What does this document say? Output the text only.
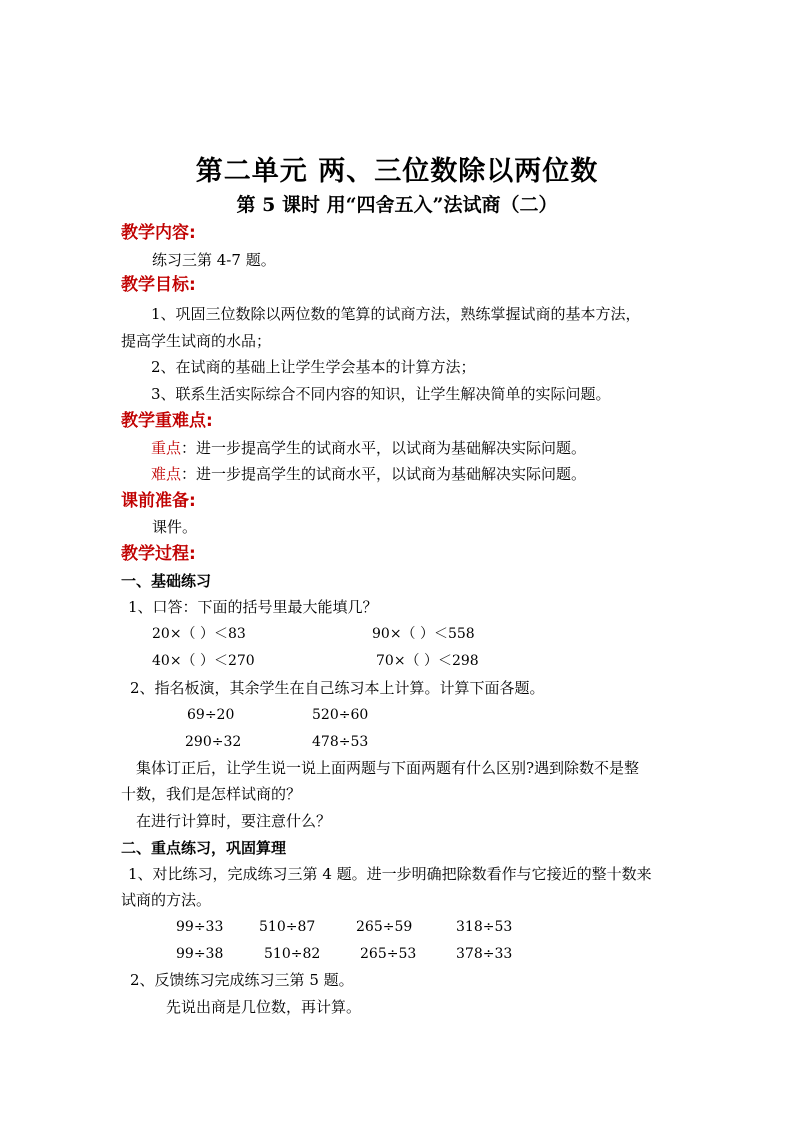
第二单元 两、三位数除以两位数
第 5 课时 用“四舍五入”法试商（二）
教学内容:
练习三第 4-7 题。
教学目标:
1、巩固三位数除以两位数的笔算的试商方法，熟练掌握试商的基本方法，
提高学生试商的水品；
2、在试商的基础上让学生学会基本的计算方法；
3、联系生活实际综合不同内容的知识，让学生解决简单的实际问题。
教学重难点:
重点：进一步提高学生的试商水平，以试商为基础解决实际问题。
难点：进一步提高学生的试商水平，以试商为基础解决实际问题。
课前准备:
课件。
教学过程:
一、基础练习
1、口答：下面的括号里最大能填几？
20×（ ）＜83	90×（ ）＜558
40×（ ）＜270	70×（ ）＜298
2、指名板演，其余学生在自己练习本上计算。计算下面各题。
69÷20	520÷60
290÷32	478÷53
集体订正后，让学生说一说上面两题与下面两题有什么区别?遇到除数不是整
十数，我们是怎样试商的？
在进行计算时，要注意什么？
二、重点练习，巩固算理
1、对比练习，完成练习三第 4 题。进一步明确把除数看作与它接近的整十数来
试商的方法。
99÷33	510÷87	265÷59	318÷53
99÷38	510÷82	265÷53	378÷33
2、反馈练习完成练习三第 5 题。
先说出商是几位数，再计算。
